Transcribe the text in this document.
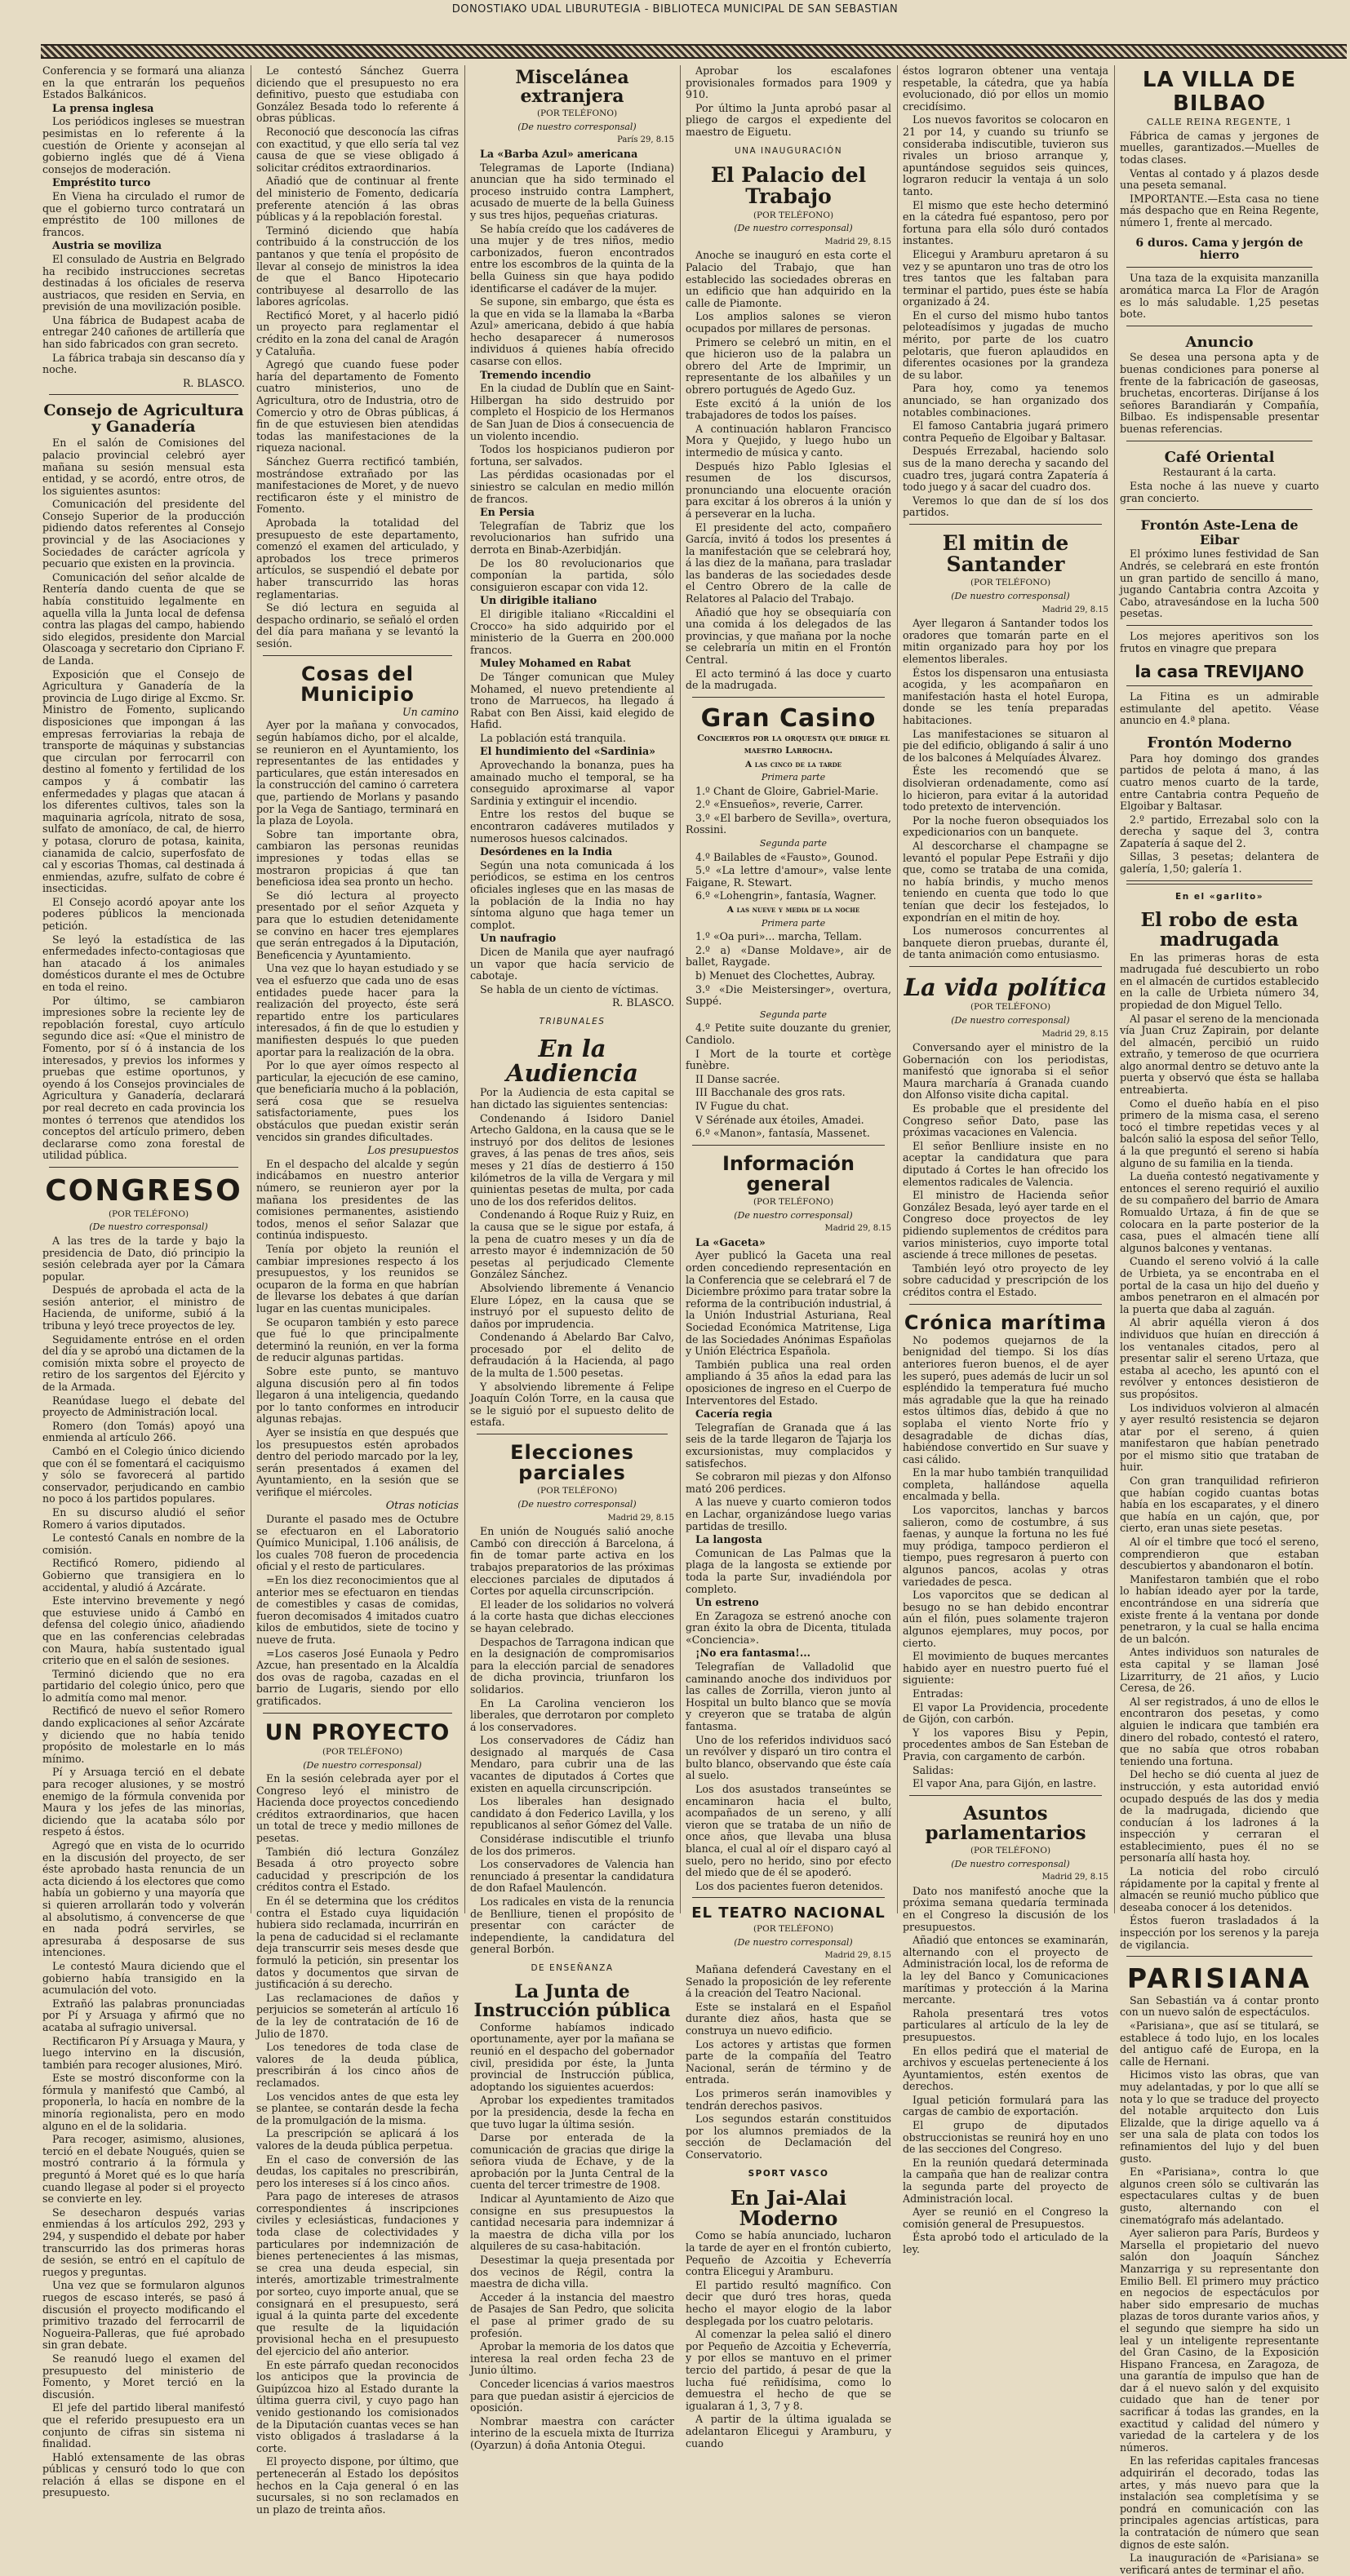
DONOSTIAKO UDAL LIBURUTEGIA - BIBLIOTECA MUNICIPAL DE SAN SEBASTIAN

Conferencia y se formará una alianza en la que entrarán los pequeños Estados Balkánicos.

La prensa inglesa

Los periódicos ingleses se muestran pesimistas en lo referente á la cuestión de Oriente y aconsejan al gobierno inglés que dé á Viena consejos de moderación.

Empréstito turco

En Viena ha circulado el rumor de que el gobierno turco contratará un empréstito de 100 millones de francos.

Austria se moviliza

El consulado de Austria en Belgrado ha recibido instrucciones secretas destinadas á los oficiales de reserva austriacos, que residen en Servia, en previsión de una movilización posible.

Una fábrica de Budapest acaba de entregar 240 cañones de artillería que han sido fabricados con gran secreto.

La fábrica trabaja sin descanso día y noche.

R. BLASCO.

Consejo de Agricultura y Ganadería

En el salón de Comisiones del palacio provincial celebró ayer mañana su sesión mensual esta entidad, y se acordó, entre otros, de los siguientes asuntos:

Comunicación del presidente del Consejo Superior de la producción pidiendo datos referentes al Consejo provincial y de las Asociaciones y Sociedades de carácter agrícola y pecuario que existen en la provincia.

Comunicación del señor alcalde de Rentería dando cuenta de que se había constituido legalmente en aquella villa la Junta local de defensa contra las plagas del campo, habiendo sido elegidos, presidente don Marcial Olascoaga y secretario don Cipriano F. de Landa.

Exposición que el Consejo de Agricultura y Ganadería de la provincia de Lugo dirige al Excmo. Sr. Ministro de Fomento, suplicando disposiciones que impongan á las empresas ferroviarias la rebaja de transporte de máquinas y substancias que circulan por ferrocarril con destino al fomento y fertilidad de los campos y á combatir las enfermedades y plagas que atacan á los diferentes cultivos, tales son la maquinaria agrícola, nitrato de sosa, sulfato de amoníaco, de cal, de hierro y potasa, cloruro de potasa, kainita, cianamida de calcio, superfosfato de cal y escorias Thomas, cal destinada á enmiendas, azufre, sulfato de cobre é insecticidas.

El Consejo acordó apoyar ante los poderes públicos la mencionada petición.

Se leyó la estadística de las enfermedades infecto-contagiosas que han atacado á los animales domésticos durante el mes de Octubre en toda el reino.

Por último, se cambiaron impresiones sobre la reciente ley de repoblación forestal, cuyo artículo segundo dice así: «Que el ministro de Fomento, por sí ó á instancia de los interesados, y previos los informes y pruebas que estime oportunos, y oyendo á los Consejos provinciales de Agricultura y Ganadería, declarará por real decreto en cada provincia los montes ó terrenos que atendidos los conceptos del artículo primero, deben declararse como zona forestal de utilidad pública.

CONGRESO

(POR TELÉFONO)

(De nuestro corresponsal)

A las tres de la tarde y bajo la presidencia de Dato, dió principio la sesión celebrada ayer por la Cámara popular.

Después de aprobada el acta de la sesión anterior, el ministro de Hacienda, de uniforme, subió á la tribuna y leyó trece proyectos de ley.

Seguidamente entróse en el orden del día y se aprobó una dictamen de la comisión mixta sobre el proyecto de retiro de los sargentos del Ejército y de la Armada.

Reanúdase luego el debate del proyecto de Administración local.

Romero (don Tomás) apoyó una enmienda al artículo 266.

Cambó en el Colegio único diciendo que con él se fomentará el caciquismo y sólo se favorecerá al partido conservador, perjudicando en cambio no poco á los partidos populares.

En su discurso aludió el señor Romero á varios diputados.

Le contestó Canals en nombre de la comisión.

Rectificó Romero, pidiendo al Gobierno que transigiera en lo accidental, y aludió á Azcárate.

Este intervino brevemente y negó que estuviese unido á Cambó en defensa del colegio único, añadiendo que en las conferencias celebradas con Maura, había sustentado igual criterio que en el salón de sesiones.

Terminó diciendo que no era partidario del colegio único, pero que lo admitía como mal menor.

Rectificó de nuevo el señor Romero dando explicaciones al señor Azcárate y diciendo que no había tenido propósito de molestarle en lo más mínimo.

Pí y Arsuaga terció en el debate para recoger alusiones, y se mostró enemigo de la fórmula convenida por Maura y los jefes de las minorías, diciendo que la acataba sólo por respeto á éstos.

Agregó que en vista de lo ocurrido en la discusión del proyecto, de ser éste aprobado hasta renuncia de un acta diciendo á los electores que como había un gobierno y una mayoría que si quieren arrollarán todo y volverán al absolutismo, á convencerse de que en nada podrá servirles, se apresuraba á desposarse de sus intenciones.

Le contestó Maura diciendo que el gobierno había transigido en la acumulación del voto.

Extrañó las palabras pronunciadas por Pí y Arsuaga y afirmó que no acataba al sufragio universal.

Rectificaron Pí y Arsuaga y Maura, y luego intervino en la discusión, también para recoger alusiones, Miró.

Este se mostró disconforme con la fórmula y manifestó que Cambó, al proponerla, lo hacía en nombre de la minoría regionalista, pero en modo alguno en el de la solidaria.

Para recoger, asimismo, alusiones, terció en el debate Nougués, quien se mostró contrario á la fórmula y preguntó á Moret qué es lo que haría cuando llegase al poder si el proyecto se convierte en ley.

Se desecharon después varias enmiendas á los artículos 292, 293 y 294, y suspendido el debate por haber transcurrido las dos primeras horas de sesión, se entró en el capítulo de ruegos y preguntas.

Una vez que se formularon algunos ruegos de escaso interés, se pasó á discusión el proyecto modificando el primitivo trazado del ferrocarril de Nogueira-Palleras, que fué aprobado sin gran debate.

Se reanudó luego el examen del presupuesto del ministerio de Fomento, y Moret terció en la discusión.

El jefe del partido liberal manifestó que el referido presupuesto era un conjunto de cifras sin sistema ni finalidad.

Habló extensamente de las obras públicas y censuró todo lo que con relación á ellas se dispone en el presupuesto.

Le contestó Sánchez Guerra diciendo que el presupuesto no era definitivo, puesto que estudiaba con González Besada todo lo referente á obras públicas.

Reconoció que desconocía las cifras con exactitud, y que ello sería tal vez causa de que se viese obligado á solicitar créditos extraordinarios.

Añadió que de continuar al frente del ministerio de Fomento, dedicaría preferente atención á las obras públicas y á la repoblación forestal.

Terminó diciendo que había contribuido á la construcción de los pantanos y que tenía el propósito de llevar al consejo de ministros la idea de que el Banco Hipotecario contribuyese al desarrollo de las labores agrícolas.

Rectificó Moret, y al hacerlo pidió un proyecto para reglamentar el crédito en la zona del canal de Aragón y Cataluña.

Agregó que cuando fuese poder haría del departamento de Fomento cuatro ministerios, uno de Agricultura, otro de Industria, otro de Comercio y otro de Obras públicas, á fin de que estuviesen bien atendidas todas las manifestaciones de la riqueza nacional.

Sánchez Guerra rectificó también, mostrándose extrañado por las manifestaciones de Moret, y de nuevo rectificaron éste y el ministro de Fomento.

Aprobada la totalidad del presupuesto de este departamento, comenzó el examen del articulado, y aprobados los trece primeros artículos, se suspendió el debate por haber transcurrido las horas reglamentarias.

Se dió lectura en seguida al despacho ordinario, se señaló el orden del día para mañana y se levantó la sesión.

Cosas del Municipio

Un camino

Ayer por la mañana y convocados, según habíamos dicho, por el alcalde, se reunieron en el Ayuntamiento, los representantes de las entidades y particulares, que están interesados en la construcción del camino ó carretera que, partiendo de Morlans y pasando por la Vega de Santiago, terminará en la plaza de Loyola.

Sobre tan importante obra, cambiaron las personas reunidas impresiones y todas ellas se mostraron propicias á que tan beneficiosa idea sea pronto un hecho.

Se dió lectura al proyecto presentado por el señor Azqueta y para que lo estudien detenidamente se convino en hacer tres ejemplares que serán entregados á la Diputación, Beneficencia y Ayuntamiento.

Una vez que lo hayan estudiado y se vea el esfuerzo que cada uno de esas entidades puede hacer para la realización del proyecto, éste será repartido entre los particulares interesados, á fin de que lo estudien y manifiesten después lo que pueden aportar para la realización de la obra.

Por lo que ayer oímos respecto al particular, la ejecución de ese camino, que beneficiaría mucho á la población, será cosa que se resuelva satisfactoriamente, pues los obstáculos que puedan existir serán vencidos sin grandes dificultades.

Los presupuestos

En el despacho del alcalde y según indicábamos en nuestro anterior número, se reunieron ayer por la mañana los presidentes de las comisiones permanentes, asistiendo todos, menos el señor Salazar que continúa indispuesto.

Tenía por objeto la reunión el cambiar impresiones respecto á los presupuestos, y los reunidos se ocuparon de la forma en que habrían de llevarse los debates á que darían lugar en las cuentas municipales.

Se ocuparon también y esto parece que fué lo que principalmente determinó la reunión, en ver la forma de reducir algunas partidas.

Sobre este punto, se mantuvo alguna discusión pero al fin todos llegaron á una inteligencia, quedando por lo tanto conformes en introducir algunas rebajas.

Ayer se insistía en que después que los presupuestos estén aprobados dentro del periodo marcado por la ley, serán presentados á examen del Ayuntamiento, en la sesión que se verifique el miércoles.

Otras noticias

Durante el pasado mes de Octubre se efectuaron en el Laboratorio Químico Municipal, 1.106 análisis, de los cuales 708 fueron de procedencia oficial y el resto de particulares.

=En los diez reconocimientos que al anterior mes se efectuaron en tiendas de comestibles y casas de comidas, fueron decomisados 4 imitados cuatro kilos de embutidos, siete de tocino y nueve de fruta.

=Los caseros José Eunaola y Pedro Azcue, han presentado en la Alcaldía dos ovas de ragoba, cazadas en el barrio de Lugaris, siendo por ello gratificados.

UN PROYECTO

(POR TELÉFONO)

(De nuestro corresponsal)

En la sesión celebrada ayer por el Congreso leyó el ministro de Hacienda doce proyectos concediendo créditos extraordinarios, que hacen un total de trece y medio millones de pesetas.

También dió lectura González Besada á otro proyecto sobre caducidad y prescripción de los créditos contra el Estado.

En él se determina que los créditos contra el Estado cuya liquidación hubiera sido reclamada, incurrirán en la pena de caducidad si el reclamante deja transcurrir seis meses desde que formuló la petición, sin presentar los datos y documentos que sirvan de justificación á su derecho.

Las reclamaciones de daños y perjuicios se someterán al artículo 16 de la ley de contratación de 16 de Julio de 1870.

Los tenedores de toda clase de valores de la deuda pública, prescribirán á los cinco años de reclamados.

Los vencidos antes de que esta ley se plantee, se contarán desde la fecha de la promulgación de la misma.

La prescripción se aplicará á los valores de la deuda pública perpetua.

En el caso de conversión de las deudas, los capitales no prescribirán, pero los intereses sí á los cinco años.

Para pago de intereses de atrasos correspondientes á inscripciones civiles y eclesiásticas, fundaciones y toda clase de colectividades y particulares por indemnización de bienes pertenecientes á las mismas, se crea una deuda especial, sin interés, amortizable trimestralmente por sorteo, cuyo importe anual, que se consignará en el presupuesto, será igual á la quinta parte del excedente que resulte de la liquidación provisional hecha en el presupuesto del ejercicio del año anterior.

En este párrafo quedan reconocidos los anticipos que la provincia de Guipúzcoa hizo al Estado durante la última guerra civil, y cuyo pago han venido gestionando los comisionados de la Diputación cuantas veces se han visto obligados á trasladarse á la corte.

El proyecto dispone, por último, que pertenecerán al Estado los depósitos hechos en la Caja general ó en las sucursales, si no son reclamados en un plazo de treinta años.

Miscelánea extranjera

(POR TELÉFONO)

(De nuestro corresponsal)

París 29, 8.15

La «Barba Azul» americana

Telegramas de Laporte (Indiana) anuncian que ha sido terminado el proceso instruido contra Lamphert, acusado de muerte de la bella Guiness y sus tres hijos, pequeñas criaturas.

Se había creído que los cadáveres de una mujer y de tres niños, medio carbonizados, fueron encontrados entre los escombros de la quinta de la bella Guiness sin que haya podido identificarse el cadáver de la mujer.

Se supone, sin embargo, que ésta es la que en vida se la llamaba la «Barba Azul» americana, debido á que había hecho desaparecer á numerosos individuos á quienes había ofrecido casarse con ellos.

Tremendo incendio

En la ciudad de Dublín que en Saint-Hilbergan ha sido destruido por completo el Hospicio de los Hermanos de San Juan de Dios á consecuencia de un violento incendio.

Todos los hospicianos pudieron por fortuna, ser salvados.

Las pérdidas ocasionadas por el siniestro se calculan en medio millón de francos.

En Persia

Telegrafían de Tabriz que los revolucionarios han sufrido una derrota en Binab-Azerbidján.

De los 80 revolucionarios que componían la partida, sólo consiguieron escapar con vida 12.

Un dirigible italiano

El dirigible italiano «Riccaldini el Crocco» ha sido adquirido por el ministerio de la Guerra en 200.000 francos.

Muley Mohamed en Rabat

De Tánger comunican que Muley Mohamed, el nuevo pretendiente al trono de Marruecos, ha llegado á Rabat con Ben Aissi, kaid elegido de Hafid.

La población está tranquila.

El hundimiento del «Sardinia»

Aprovechando la bonanza, pues ha amainado mucho el temporal, se ha conseguido aproximarse al vapor Sardinia y extinguir el incendio.

Entre los restos del buque se encontraron cadáveres mutilados y numerosos huesos calcinados.

Desórdenes en la India

Según una nota comunicada á los periódicos, se estima en los centros oficiales ingleses que en las masas de la población de la India no hay síntoma alguno que haga temer un complot.

Un naufragio

Dicen de Manila que ayer naufragó un vapor que hacía servicio de cabotaje.

Se habla de un ciento de víctimas.

R. BLASCO.

TRIBUNALES
En la Audiencia

Por la Audiencia de esta capital se han dictado las siguientes sentencias:

Condenando á Isidoro Daniel Artecho Galdona, en la causa que se le instruyó por dos delitos de lesiones graves, á las penas de tres años, seis meses y 21 días de destierro á 150 kilómetros de la villa de Vergara y mil quinientas pesetas de multa, por cada uno de los dos referidos delitos.

Condenando á Roque Ruiz y Ruiz, en la causa que se le sigue por estafa, á la pena de cuatro meses y un día de arresto mayor é indemnización de 50 pesetas al perjudicado Clemente González Sánchez.

Absolviendo libremente á Venancio Elure López, en la causa que se instruyó por el supuesto delito de daños por imprudencia.

Condenando á Abelardo Bar Calvo, procesado por el delito de defraudación á la Hacienda, al pago de la multa de 1.500 pesetas.

Y absolviendo libremente á Felipe Joaquín Colón Torre, en la causa que se le siguió por el supuesto delito de estafa.

Elecciones parciales

(POR TELÉFONO)

(De nuestro corresponsal)

Madrid 29, 8.15

En unión de Nougués salió anoche Cambó con dirección á Barcelona, á fin de tomar parte activa en los trabajos preparatorios de las próximas elecciones parciales de diputados á Cortes por aquella circunscripción.

El leader de los solidarios no volverá á la corte hasta que dichas elecciones se hayan celebrado.

Despachos de Tarragona indican que en la designación de compromisarios para la elección parcial de senadores de dicha provincia, triunfaron los solidarios.

En La Carolina vencieron los liberales, que derrotaron por completo á los conservadores.

Los conservadores de Cádiz han designado al marqués de Casa Mendaro, para cubrir una de las vacantes de diputados á Cortes que existen en aquella circunscripción.

Los liberales han designado candidato á don Federico Lavilla, y los republicanos al señor Gómez del Valle.

Considérase indiscutible el triunfo de los dos primeros.

Los conservadores de Valencia han renunciado á presentar la candidatura de don Rafael Maulencón.

Los radicales en vista de la renuncia de Benlliure, tienen el propósito de presentar con carácter de independiente, la candidatura del general Borbón.

DE ENSEÑANZA
La Junta de Instrucción pública

Conforme habíamos indicado oportunamente, ayer por la mañana se reunió en el despacho del gobernador civil, presidida por éste, la Junta provincial de Instrucción pública, adoptando los siguientes acuerdos:

Aprobar los expedientes tramitados por la presidencia, desde la fecha en que tuvo lugar la última sesión.

Darse por enterada de la comunicación de gracias que dirige la señora viuda de Echave, y de la aprobación por la Junta Central de la cuenta del tercer trimestre de 1908.

Indicar al Ayuntamiento de Aizo que consigne en sus presupuestos la cantidad necesaria para indemnizar á la maestra de dicha villa por los alquileres de su casa-habitación.

Desestimar la queja presentada por dos vecinos de Régil, contra la maestra de dicha villa.

Acceder á la instancia del maestro de Pasajes de San Pedro, que solicita el pase al primer grado de su profesión.

Aprobar la memoria de los datos que interesa la real orden fecha 23 de Junio último.

Conceder licencias á varios maestros para que puedan asistir á ejercicios de oposición.

Nombrar maestra con carácter interino de la escuela mixta de Iturriza (Oyarzun) á doña Antonia Otegui.

Aprobar los escalafones provisionales formados para 1909 y 910.

Por último la Junta aprobó pasar al pliego de cargos el expediente del maestro de Eiguetu.

UNA INAUGURACIÓN
El Palacio del Trabajo

(POR TELÉFONO)

(De nuestro corresponsal)

Madrid 29, 8.15

Anoche se inauguró en esta corte el Palacio del Trabajo, que han establecido las sociedades obreras en un edificio que han adquirido en la calle de Piamonte.

Los amplios salones se vieron ocupados por millares de personas.

Primero se celebró un mitin, en el que hicieron uso de la palabra un obrero del Arte de Imprimir, un representante de los albañiles y un obrero portugués de Agedo Guz.

Este excitó á la unión de los trabajadores de todos los países.

A continuación hablaron Francisco Mora y Quejido, y luego hubo un intermedio de música y canto.

Después hizo Pablo Iglesias el resumen de los discursos, pronunciando una elocuente oración para excitar á los obreros á la unión y á perseverar en la lucha.

El presidente del acto, compañero García, invitó á todos los presentes á la manifestación que se celebrará hoy, á las diez de la mañana, para trasladar las banderas de las sociedades desde el Centro Obrero de la calle de Relatores al Palacio del Trabajo.

Añadió que hoy se obsequiaría con una comida á los delegados de las provincias, y que mañana por la noche se celebraría un mitin en el Frontón Central.

El acto terminó á las doce y cuarto de la madrugada.

Gran Casino

Conciertos por la orquesta que dirige el maestro Larrocha.

A las cinco de la tarde

Primera parte

1.º Chant de Gloire, Gabriel-Marie.

2.º «Ensueños», reverie, Carrer.

3.º «El barbero de Sevilla», overtura, Rossini.

Segunda parte

4.º Bailables de «Fausto», Gounod.

5.º «La lettre d'amour», valse lente Faigane, R. Stewart.

6.º «Lohengrin», fantasía, Wagner.

A las nueve y media de la noche

Primera parte

1.º «Oa puri»... marcha, Tellam.

2.º a) «Danse Moldave», air de ballet, Raygade.

b) Menuet des Clochettes, Aubray.

3.º «Die Meistersinger», overtura, Suppé.

Segunda parte

4.º Petite suite douzante du grenier, Candiolo.

I Mort de la tourte et cortège funèbre.

II Danse sacrée.

III Bacchanale des gros rats.

IV Fugue du chat.

V Sérénade aux étoiles, Amadei.

6.º «Manon», fantasía, Massenet.

Información general

(POR TELÉFONO)

(De nuestro corresponsal)

Madrid 29, 8.15

La «Gaceta»

Ayer publicó la Gaceta una real orden concediendo representación en la Conferencia que se celebrará el 7 de Diciembre próximo para tratar sobre la reforma de la contribución industrial, á la Unión Industrial Asturiana, Real Sociedad Económica Matritense, Liga de las Sociedades Anónimas Españolas y Unión Eléctrica Española.

También publica una real orden ampliando á 35 años la edad para las oposiciones de ingreso en el Cuerpo de Interventores del Estado.

Cacería regia

Telegrafían de Granada que á las seis de la tarde llegaron de Tajarja los excursionistas, muy complacidos y satisfechos.

Se cobraron mil piezas y don Alfonso mató 206 perdices.

A las nueve y cuarto comieron todos en Lachar, organizándose luego varias partidas de tresillo.

La langosta

Comunican de Las Palmas que la plaga de la langosta se extiende por toda la parte Sur, invadiéndola por completo.

Un estreno

En Zaragoza se estrenó anoche con gran éxito la obra de Dicenta, titulada «Conciencia».

¡No era fantasma!...

Telegrafían de Valladolid que caminando anoche dos individuos por las calles de Zorrilla, vieron junto al Hospital un bulto blanco que se movía y creyeron que se trataba de algún fantasma.

Uno de los referidos individuos sacó un revólver y disparó un tiro contra el bulto blanco, observando que éste caía al suelo.

Los dos asustados transeúntes se encaminaron hacia el bulto, acompañados de un sereno, y allí vieron que se trataba de un niño de once años, que llevaba una blusa blanca, el cual al oír el disparo cayó al suelo, pero no herido, sino por efecto del miedo que de él se apoderó.

Los dos pacientes fueron detenidos.

EL TEATRO NACIONAL

(POR TELÉFONO)

(De nuestro corresponsal)

Madrid 29, 8.15

Mañana defenderá Cavestany en el Senado la proposición de ley referente á la creación del Teatro Nacional.

Este se instalará en el Español durante diez años, hasta que se construya un nuevo edificio.

Los actores y artistas que formen parte de la compañía del Teatro Nacional, serán de término y de entrada.

Los primeros serán inamovibles y tendrán derechos pasivos.

Los segundos estarán constituidos por los alumnos premiados de la sección de Declamación del Conservatorio.

SPORT VASCO
En Jai-Alai Moderno

Como se había anunciado, lucharon la tarde de ayer en el frontón cubierto, Pequeño de Azcoitia y Echeverría contra Elicegui y Aramburu.

El partido resultó magnífico. Con decir que duró tres horas, queda hecho el mayor elogio de la labor desplegada por los cuatro pelotaris.

Al comenzar la pelea salió el dinero por Pequeño de Azcoitia y Echeverría, y por ellos se mantuvo en el primer tercio del partido, á pesar de que la lucha fué reñidísima, como lo demuestra el hecho de que se igualaran á 1, 3, 7 y 8.

A partir de la última igualada se adelantaron Elicegui y Aramburu, y cuando

éstos lograron obtener una ventaja respetable, la cátedra, que ya había evolucionado, dió por ellos un momio crecidísimo.

Los nuevos favoritos se colocaron en 21 por 14, y cuando su triunfo se consideraba indiscutible, tuvieron sus rivales un brioso arranque y, apuntándose seguidos seis quinces, lograron reducir la ventaja á un solo tanto.

El mismo que este hecho determinó en la cátedra fué espantoso, pero por fortuna para ella sólo duró contados instantes.

Elicegui y Aramburu apretaron á su vez y se apuntaron uno tras de otro los tres tantos que les faltaban para terminar el partido, pues éste se había organizado á 24.

En el curso del mismo hubo tantos peloteadísimos y jugadas de mucho mérito, por parte de los cuatro pelotaris, que fueron aplaudidos en diferentes ocasiones por la grandeza de su labor.

Para hoy, como ya tenemos anunciado, se han organizado dos notables combinaciones.

El famoso Cantabria jugará primero contra Pequeño de Elgoibar y Baltasar.

Después Errezabal, haciendo solo sus de la mano derecha y sacando del cuadro tres, jugará contra Zapatería á todo juego y á sacar del cuadro dos.

Veremos lo que dan de sí los dos partidos.

El mitin de Santander

(POR TELÉFONO)

(De nuestro corresponsal)

Madrid 29, 8.15

Ayer llegaron á Santander todos los oradores que tomarán parte en el mitin organizado para hoy por los elementos liberales.

Éstos los dispensaron una entusiasta acogida, y les acompañaron en manifestación hasta el hotel Europa, donde se les tenía preparadas habitaciones.

Las manifestaciones se situaron al pie del edificio, obligando á salir á uno de los balcones á Melquíades Álvarez.

Éste les recomendó que se disolvieran ordenadamente, como así lo hicieron, para evitar á la autoridad todo pretexto de intervención.

Por la noche fueron obsequiados los expedicionarios con un banquete.

Al descorcharse el champagne se levantó el popular Pepe Estrañi y dijo que, como se trataba de una comida, no había brindis, y mucho menos teniendo en cuenta que todo lo que tenían que decir los festejados, lo expondrían en el mitin de hoy.

Los numerosos concurrentes al banquete dieron pruebas, durante él, de tanta animación como entusiasmo.

La vida política

(POR TELÉFONO)

(De nuestro corresponsal)

Madrid 29, 8.15

Conversando ayer el ministro de la Gobernación con los periodistas, manifestó que ignoraba si el señor Maura marcharía á Granada cuando don Alfonso visite dicha capital.

Es probable que el presidente del Congreso señor Dato, pase las próximas vacaciones en Valencia.

El señor Benlliure insiste en no aceptar la candidatura que para diputado á Cortes le han ofrecido los elementos radicales de Valencia.

El ministro de Hacienda señor González Besada, leyó ayer tarde en el Congreso doce proyectos de ley pidiendo suplementos de créditos para varios ministerios, cuyo importe total asciende á trece millones de pesetas.

También leyó otro proyecto de ley sobre caducidad y prescripción de los créditos contra el Estado.

Crónica marítima

No podemos quejarnos de la benignidad del tiempo. Si los días anteriores fueron buenos, el de ayer les superó, pues además de lucir un sol espléndido la temperatura fué mucho más agradable que la que ha reinado estos últimos días, debido á que no soplaba el viento Norte frío y desagradable de dichas días, habiéndose convertido en Sur suave y casi cálido.

En la mar hubo también tranquilidad completa, hallándose aquella encalmada y bella.

Los vaporcitos, lanchas y barcos salieron, como de costumbre, á sus faenas, y aunque la fortuna no les fué muy pródiga, tampoco perdieron el tiempo, pues regresaron á puerto con algunos pancos, acolas y otras variedades de pesca.

Los vaporcitos que se dedican al besugo no se han debido encontrar aún el filón, pues solamente trajeron algunos ejemplares, muy pocos, por cierto.

El movimiento de buques mercantes habido ayer en nuestro puerto fué el siguiente:

Entradas:

El vapor La Providencia, procedente de Gijón, con carbón.

Y los vapores Bisu y Pepin, procedentes ambos de San Esteban de Pravia, con cargamento de carbón.

Salidas:

El vapor Ana, para Gijón, en lastre.

Asuntos parlamentarios

(POR TELÉFONO)

(De nuestro corresponsal)

Madrid 29, 8.15

Dato nos manifestó anoche que la próxima semana quedaría terminada en el Congreso la discusión de los presupuestos.

Añadió que entonces se examinarán, alternando con el proyecto de Administración local, los de reforma de la ley del Banco y Comunicaciones marítimas y protección á la Marina mercante.

Rahola presentará tres votos particulares al artículo de la ley de presupuestos.

En ellos pedirá que el material de archivos y escuelas perteneciente á los Ayuntamientos, estén exentos de derechos.

Igual petición formulará para las cargas de cambio de exportación.

El grupo de diputados obstruccionistas se reunirá hoy en uno de las secciones del Congreso.

En la reunión quedará determinada la campaña que han de realizar contra la segunda parte del proyecto de Administración local.

Ayer se reunió en el Congreso la comisión general de Presupuestos.

Ésta aprobó todo el articulado de la ley.

LA VILLA DE BILBAO
CALLE REINA REGENTE, 1

Fábrica de camas y jergones de muelles, garantizados.—Muelles de todas clases.

Ventas al contado y á plazos desde una peseta semanal.

IMPORTANTE.—Esta casa no tiene más despacho que en Reina Regente, número 1, frente al mercado.

6 duros. Cama y jergón de hierro

Una taza de la exquisita manzanilla aromática marca La Flor de Aragón es lo más saludable. 1,25 pesetas bote.

Anuncio

Se desea una persona apta y de buenas condiciones para ponerse al frente de la fabricación de gaseosas, bruchetas, encorteras. Diríjanse á los señores Barandiarán y Compañía, Bilbao. Es indispensable presentar buenas referencias.

Café Oriental

Restaurant á la carta.

Esta noche á las nueve y cuarto gran concierto.

Frontón Aste-Lena de Eibar

El próximo lunes festividad de San Andrés, se celebrará en este frontón un gran partido de sencillo á mano, jugando Cantabria contra Azcoita y Cabo, atravesándose en la lucha 500 pesetas.

Los mejores aperitivos son los frutos en vinagre que prepara

la casa TREVIJANO

La Fitina es un admirable estimulante del apetito. Véase anuncio en 4.ª plana.

Frontón Moderno

Para hoy domingo dos grandes partidos de pelota á mano, á las cuatro menos cuarto de la tarde, entre Cantabria contra Pequeño de Elgoibar y Baltasar.

2.º partido, Errezabal solo con la derecha y saque del 3, contra Zapatería á saque del 2.

Sillas, 3 pesetas; delantera de galería, 1,50; galería 1.

En el «garlito»
El robo de esta madrugada

En las primeras horas de esta madrugada fué descubierto un robo en el almacén de curtidos establecido en la calle de Urbieta número 34, propiedad de don Miguel Tello.

Al pasar el sereno de la mencionada vía Juan Cruz Zapirain, por delante del almacén, percibió un ruido extraño, y temeroso de que ocurriera algo anormal dentro se detuvo ante la puerta y observó que ésta se hallaba entreabierta.

Como el dueño había en el piso primero de la misma casa, el sereno tocó el timbre repetidas veces y al balcón salió la esposa del señor Tello, á la que preguntó el sereno si había alguno de su familia en la tienda.

La dueña contestó negativamente y entonces el sereno requirió el auxilio de su compañero del barrio de Amara Romualdo Urtaza, á fin de que se colocara en la parte posterior de la casa, pues el almacén tiene allí algunos balcones y ventanas.

Cuando el sereno volvió á la calle de Urbieta, ya se encontraba en el portal de la casa un hijo del dueño y ambos penetraron en el almacén por la puerta que daba al zaguán.

Al abrir aquélla vieron á dos individuos que huían en dirección á los ventanales citados, pero al presentar salir el sereno Urtaza, que estaba al acecho, les apuntó con el revólver y entonces desistieron de sus propósitos.

Los individuos volvieron al almacén y ayer resultó resistencia se dejaron atar por el sereno, á quien manifestaron que habían penetrado por el mismo sitio que trataban de huir.

Con gran tranquilidad refirieron que habían cogido cuantas botas había en los escaparates, y el dinero que había en un cajón, que, por cierto, eran unas siete pesetas.

Al oír el timbre que tocó el sereno, comprendieron que estaban descubiertos y abandonaron el botín.

Manifestaron también que el robo lo habían ideado ayer por la tarde, encontrándose en una sidrería que existe frente á la ventana por donde penetraron, y la cual se halla encima de un balcón.

Antes individuos son naturales de esta capital y se llaman José Lizarriturry, de 21 años, y Lucio Ceresa, de 26.

Al ser registrados, á uno de ellos le encontraron dos pesetas, y como alguien le indicara que también era dinero del robado, contestó el ratero, que no sabía que otros robaban teniendo una fortuna.

Del hecho se dió cuenta al juez de instrucción, y esta autoridad envió ocupado después de las dos y media de la madrugada, diciendo que conducían á los ladrones á la inspección y cerraran el establecimiento, pues él no se personaría allí hasta hoy.

La noticia del robo circuló rápidamente por la capital y frente al almacén se reunió mucho público que deseaba conocer á los detenidos.

Éstos fueron trasladados á la inspección por los serenos y la pareja de vigilancia.

PARISIANA

San Sebastián va á contar pronto con un nuevo salón de espectáculos.

«Parisiana», que así se titulará, se establece á todo lujo, en los locales del antiguo café de Europa, en la calle de Hernani.

Hicimos visto las obras, que van muy adelantadas, y por lo que allí se nota y lo que se traduce del proyecto del notable arquitecto don Luis Elizalde, que la dirige aquello va á ser una sala de plata con todos los refinamientos del lujo y del buen gusto.

En «Parisiana», contra lo que algunos creen sólo se cultivarán las espectaculares cultas y de buen gusto, alternando con el cinematógrafo más adelantado.

Ayer salieron para París, Burdeos y Marsella el propietario del nuevo salón don Joaquín Sánchez Manzarriga y su representante don Emilio Bell. El primero muy práctico en negocios de espectáculos por haber sido empresario de muchas plazas de toros durante varios años, y el segundo que siempre ha sido un leal y un inteligente representante del Gran Casino, de la Exposición Hispano Francesa, en Zaragoza, de una garantía de impulso que han de dar á el nuevo salón y del exquisito cuidado que han de tener por sacrificar á todas las grandes, en la exactitud y calidad del número y variedad de la cartelera y de los números.

En las referidas capitales francesas adquirirán el decorado, todas las artes, y más nuevo para que la instalación sea completísima y se pondrá en comunicación con las principales agencias artísticas, para la contratación de número que sean dignos de este salón.

La inauguración de «Parisiana» se verificará antes de terminar el año.
